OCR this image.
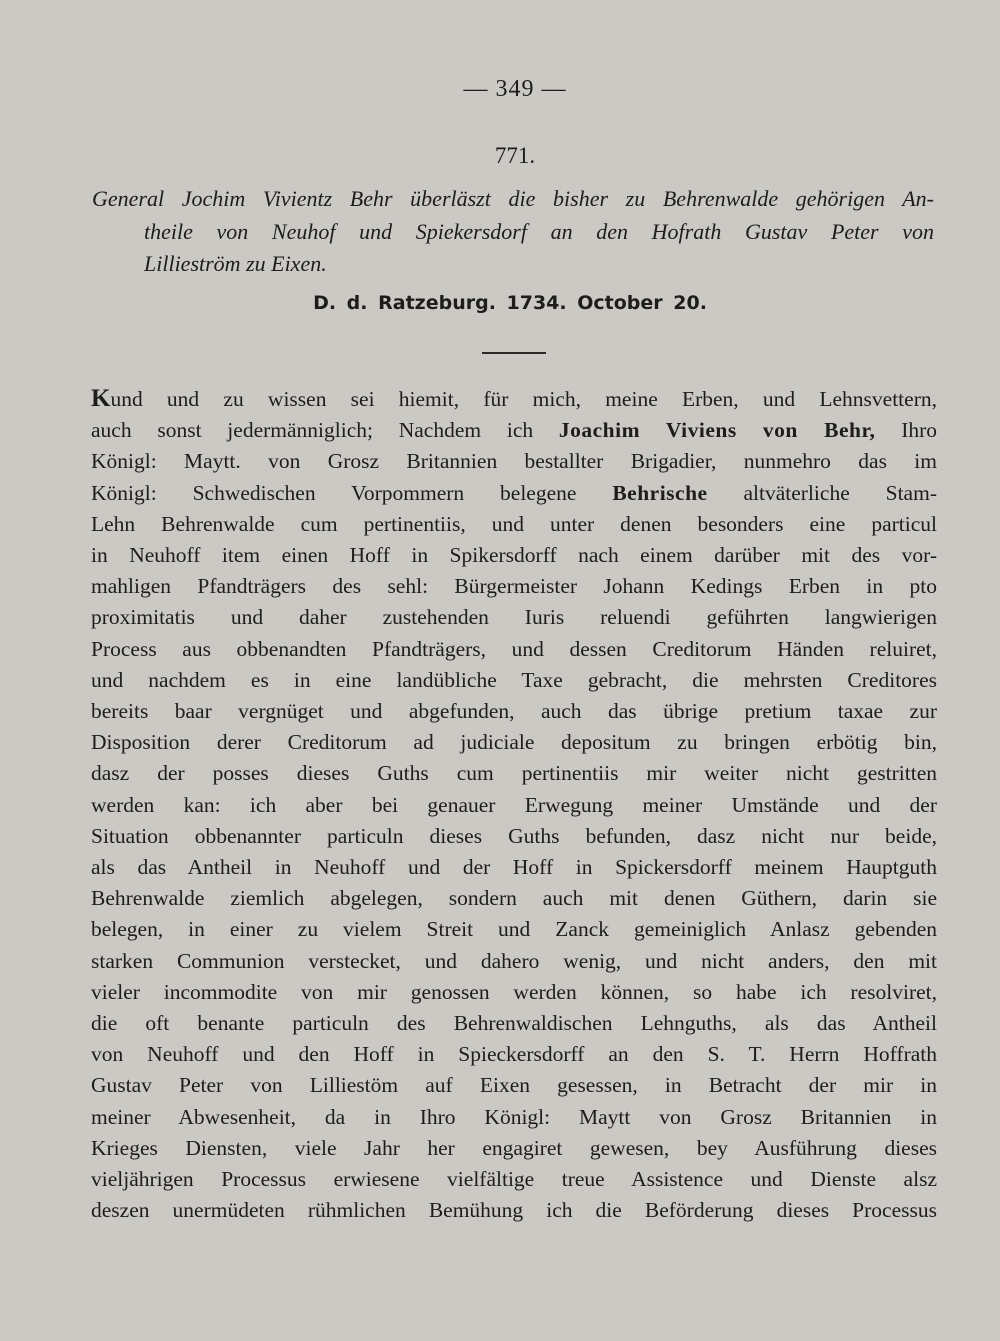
— 349 —
771.
General Jochim Vivientz Behr überläszt die bisher zu Behrenwalde gehörigen An-
theile von Neuhof und Spiekersdorf an den Hofrath Gustav Peter von
Lillieström zu Eixen.
D. d. Ratzeburg. 1734. October 20.
Kund und zu wissen sei hiemit, für mich, meine Erben, und Lehnsvettern,
auch sonst jedermänniglich; Nachdem ich Joachim Viviens von Behr, Ihro
Königl: Maytt. von Grosz Britannien bestallter Brigadier, nunmehro das im
Königl: Schwedischen Vorpommern belegene Behrische altväterliche Stam-
Lehn Behrenwalde cum pertinentiis, und unter denen besonders eine particul
in Neuhoff item einen Hoff in Spikersdorff nach einem darüber mit des vor-
mahligen Pfandträgers des sehl: Bürgermeister Johann Kedings Erben in pto
proximitatis und daher zustehenden Iuris reluendi geführten langwierigen
Process aus obbenandten Pfandträgers, und dessen Creditorum Händen reluiret,
und nachdem es in eine landübliche Taxe gebracht, die mehrsten Creditores
bereits baar vergnüget und abgefunden, auch das übrige pretium taxae zur
Disposition derer Creditorum ad judiciale depositum zu bringen erbötig bin,
dasz der posses dieses Guths cum pertinentiis mir weiter nicht gestritten
werden kan: ich aber bei genauer Erwegung meiner Umstände und der
Situation obbenannter particuln dieses Guths befunden, dasz nicht nur beide,
als das Antheil in Neuhoff und der Hoff in Spickersdorff meinem Hauptguth
Behrenwalde ziemlich abgelegen, sondern auch mit denen Güthern, darin sie
belegen, in einer zu vielem Streit und Zanck gemeiniglich Anlasz gebenden
starken Communion verstecket, und dahero wenig, und nicht anders, den mit
vieler incommodite von mir genossen werden können, so habe ich resolviret,
die oft benante particuln des Behrenwaldischen Lehnguths, als das Antheil
von Neuhoff und den Hoff in Spieckersdorff an den S. T. Herrn Hoffrath
Gustav Peter von Lilliestöm auf Eixen gesessen, in Betracht der mir in
meiner Abwesenheit, da in Ihro Königl: Maytt von Grosz Britannien in
Krieges Diensten, viele Jahr her engagiret gewesen, bey Ausführung dieses
vieljährigen Processus erwiesene vielfältige treue Assistence und Dienste alsz
deszen unermüdeten rühmlichen Bemühung ich die Beförderung dieses Processus
